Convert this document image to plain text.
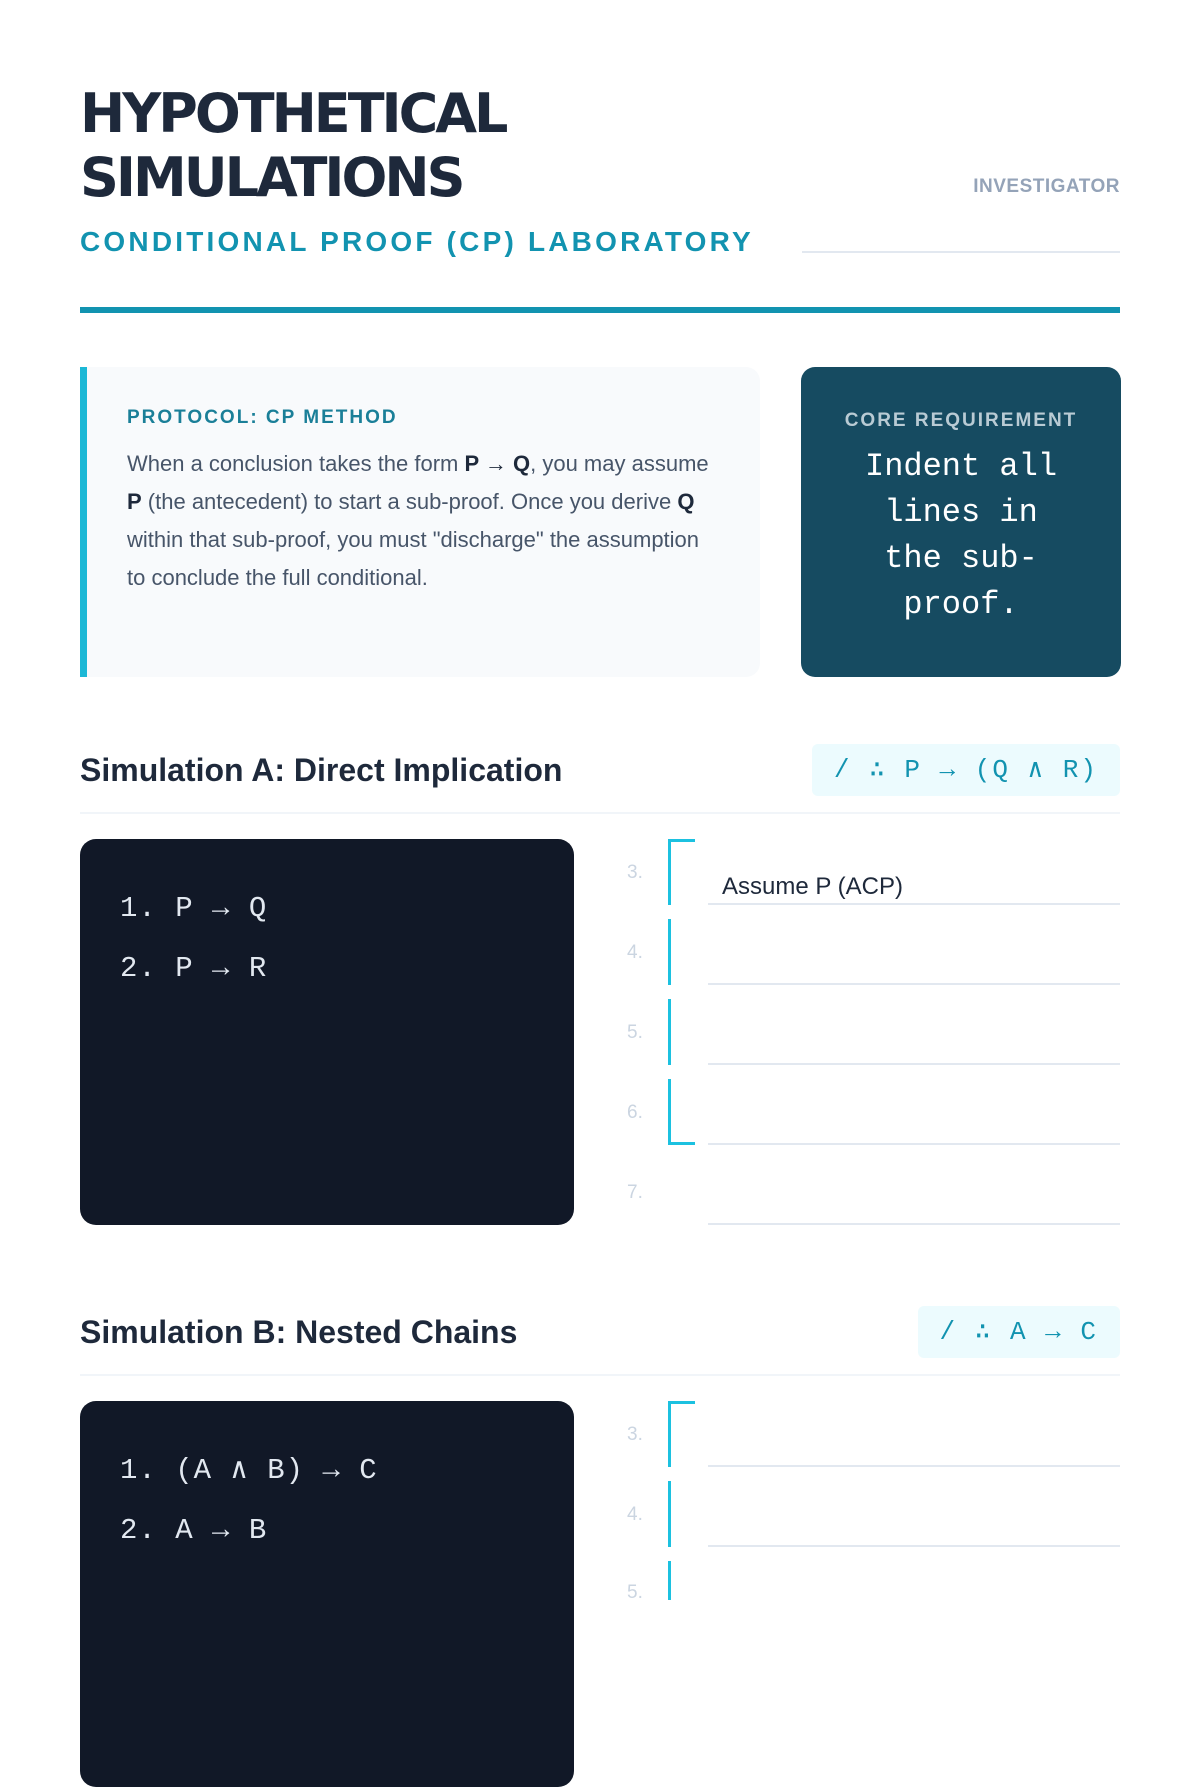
HYPOTHETICAL
SIMULATIONS	INVESTIGATOR
CONDITIONAL PROOF (CP) LABORATORY
PROTOCOL: CP METHOD
When a conclusion takes the form P → Q, you may assume P (the antecedent) to start a sub-proof. Once you derive Q within that sub-proof, you must "discharge" the assumption to conclude the full conditional.
CORE REQUIREMENT
Indent all lines in the sub-proof.
Simulation A: Direct Implication	/ ∴ P → (Q ∧ R)
1. P → Q
2. P → R
3.
Assume P (ACP)
4.
5.
6.
7.
Simulation B: Nested Chains	/ ∴ A → C
1. (A ∧ B) → C
2. A → B
3.
4.
5.
